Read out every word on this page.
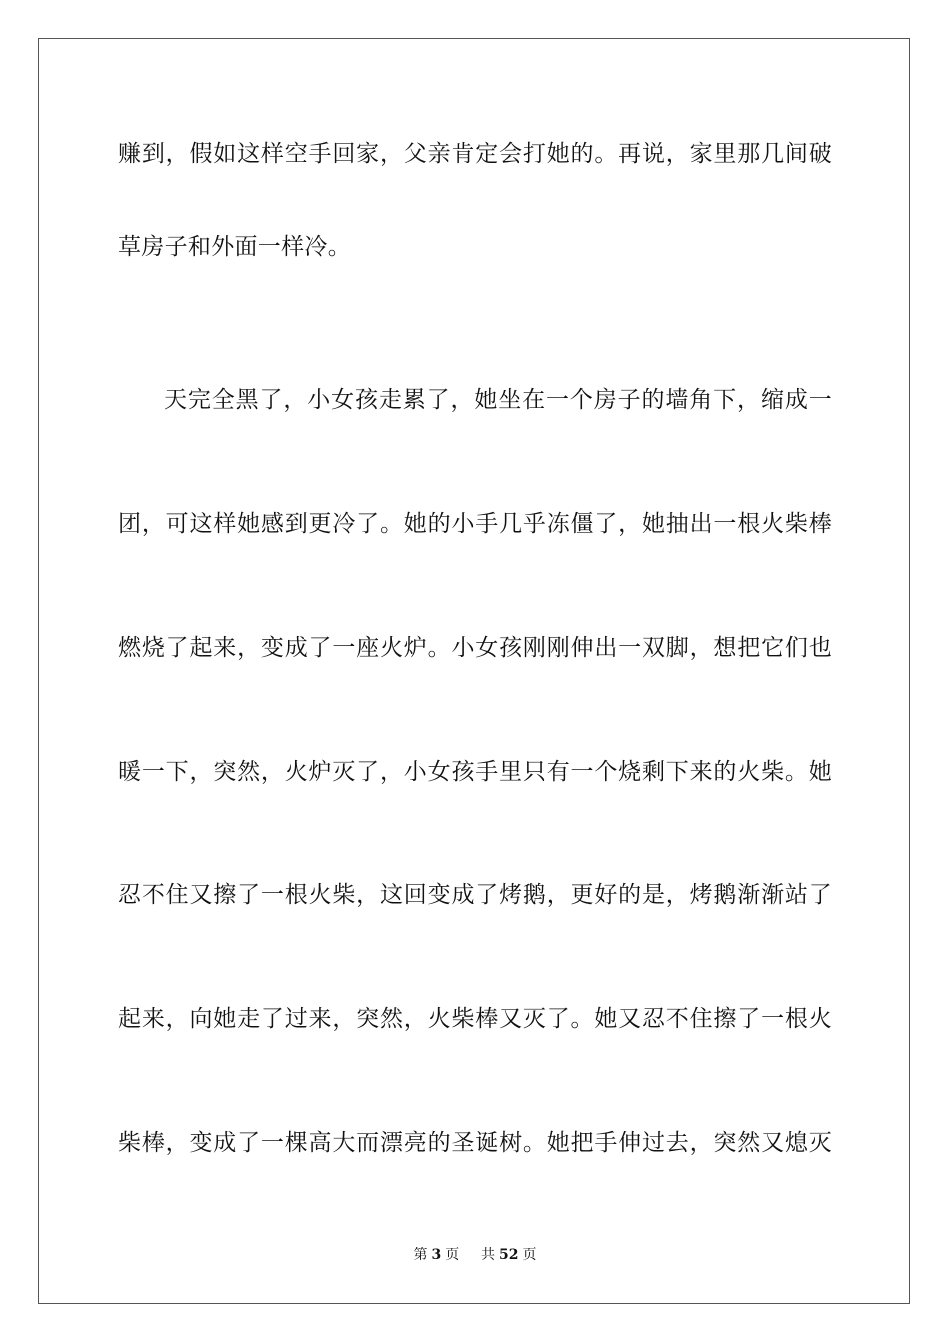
赚到，假如这样空手回家，父亲肯定会打她的。再说，家里那几间破
草房子和外面一样冷。
天完全黑了，小女孩走累了，她坐在一个房子的墙角下，缩成一
团，可这样她感到更冷了。她的小手几乎冻僵了，她抽出一根火柴棒
燃烧了起来，变成了一座火炉。小女孩刚刚伸出一双脚，想把它们也
暖一下，突然，火炉灭了，小女孩手里只有一个烧剩下来的火柴。她
忍不住又擦了一根火柴，这回变成了烤鹅，更好的是，烤鹅渐渐站了
起来，向她走了过来，突然，火柴棒又灭了。她又忍不住擦了一根火
柴棒，变成了一棵高大而漂亮的圣诞树。她把手伸过去，突然又熄灭
第 3 页 共 52 页
